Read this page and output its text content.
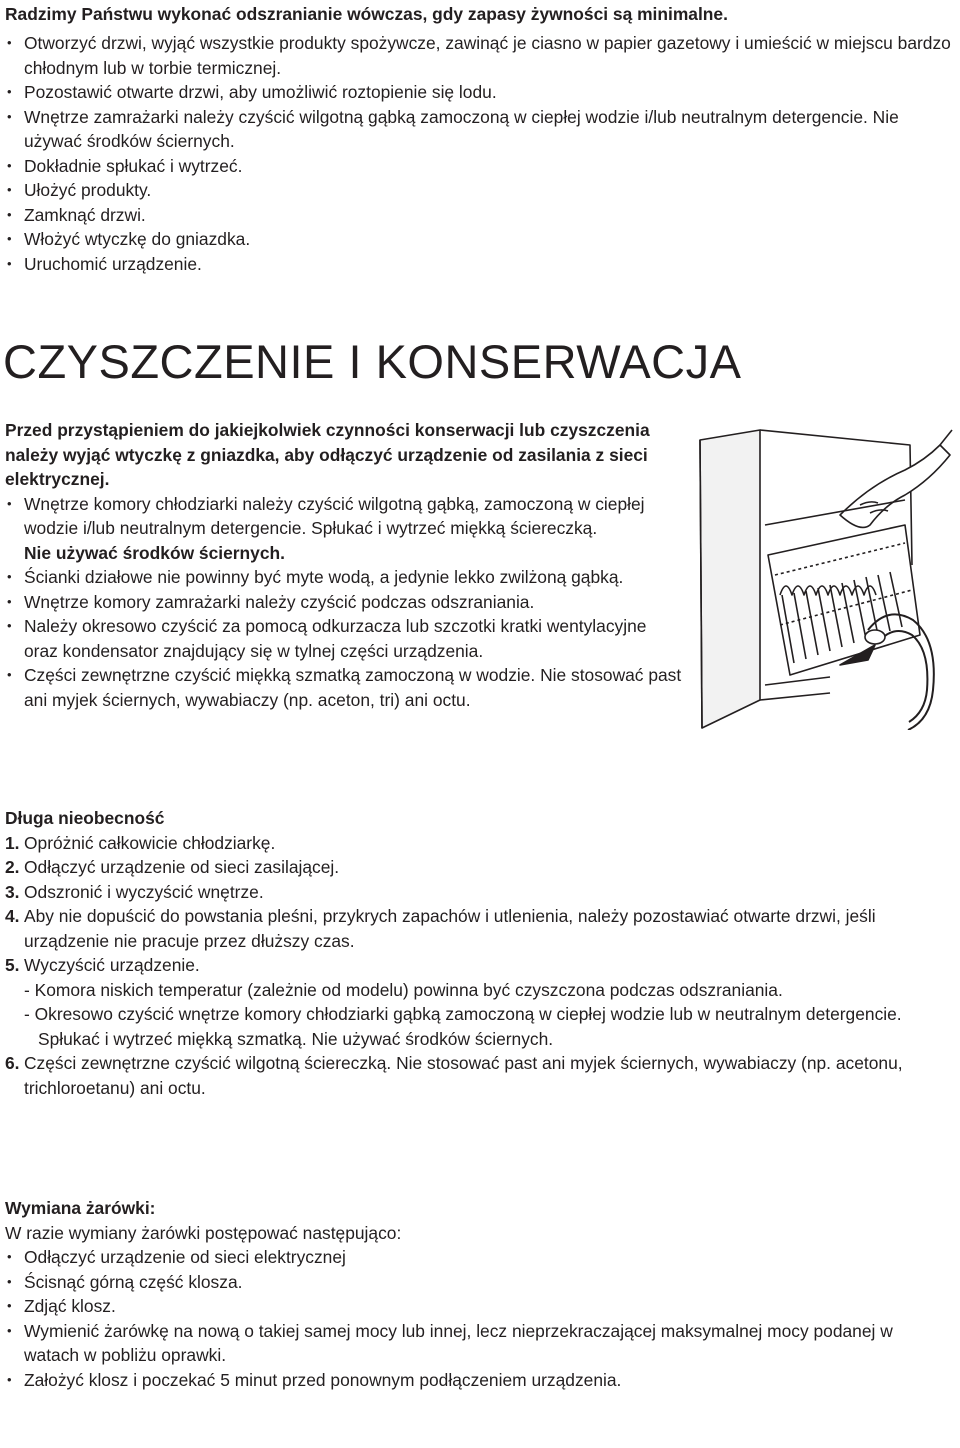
Radzimy Państwu wykonać odszranianie wówczas, gdy zapasy żywności są minimalne.

• Otworzyć drzwi, wyjąć wszystkie produkty spożywcze, zawinąć je ciasno w papier gazetowy i umieścić w miejscu bardzo chłodnym lub w torbie termicznej.
• Pozostawić otwarte drzwi, aby umożliwić roztopienie się lodu.
• Wnętrze zamrażarki należy czyścić wilgotną gąbką zamoczoną w ciepłej wodzie i/lub neutralnym detergencie. Nie używać środków ściernych.
• Dokładnie spłukać i wytrzeć.
• Ułożyć produkty.
• Zamknąć drzwi.
• Włożyć wtyczkę do gniazdka.
• Uruchomić urządzenie.
CZYSZCZENIE I KONSERWACJA

Przed przystąpieniem do jakiejkolwiek czynności konserwacji lub czyszczenia należy wyjąć wtyczkę z gniazdka, aby odłączyć urządzenie od zasilania z sieci elektrycznej.

• Wnętrze komory chłodziarki należy czyścić wilgotną gąbką, zamoczoną w ciepłej wodzie i/lub neutralnym detergencie. Spłukać i wytrzeć miękką ściereczką.
Nie używać środków ściernych.
• Ścianki działowe nie powinny być myte wodą, a jedynie lekko zwilżoną gąbką.
• Wnętrze komory zamrażarki należy czyścić podczas odszraniania.
• Należy okresowo czyścić za pomocą odkurzacza lub szczotki kratki wentylacyjne oraz kondensator znajdujący się w tylnej części urządzenia.
• Części zewnętrzne czyścić miękką szmatką zamoczoną w wodzie. Nie stosować past ani myjek ściernych, wywabiaczy (np. aceton, tri) ani octu.
Długa nieobecność
1. Opróżnić całkowicie chłodziarkę.
2. Odłączyć urządzenie od sieci zasilającej.
3. Odszronić i wyczyścić wnętrze.
4. Aby nie dopuścić do powstania pleśni, przykrych zapachów i utlenienia, należy pozostawiać otwarte drzwi, jeśli urządzenie nie pracuje przez dłuższy czas.
5. Wyczyścić urządzenie.
- Komora niskich temperatur (zależnie od modelu) powinna być czyszczona podczas odszraniania.
- Okresowo czyścić wnętrze komory chłodziarki gąbką zamoczoną w ciepłej wodzie lub w neutralnym detergencie. Spłukać i wytrzeć miękką szmatką. Nie używać środków ściernych.
6. Części zewnętrzne czyścić wilgotną ściereczką. Nie stosować past ani myjek ściernych, wywabiaczy (np. acetonu, trichloroetanu) ani octu.
Wymiana żarówki:

W razie wymiany żarówki postępować następująco:

• Odłączyć urządzenie od sieci elektrycznej
• Ścisnąć górną część klosza.
• Zdjąć klosz.
• Wymienić żarówkę na nową o takiej samej mocy lub innej, lecz nieprzekraczającej maksymalnej mocy podanej w watach w pobliżu oprawki.
• Założyć klosz i poczekać 5 minut przed ponownym podłączeniem urządzenia.
